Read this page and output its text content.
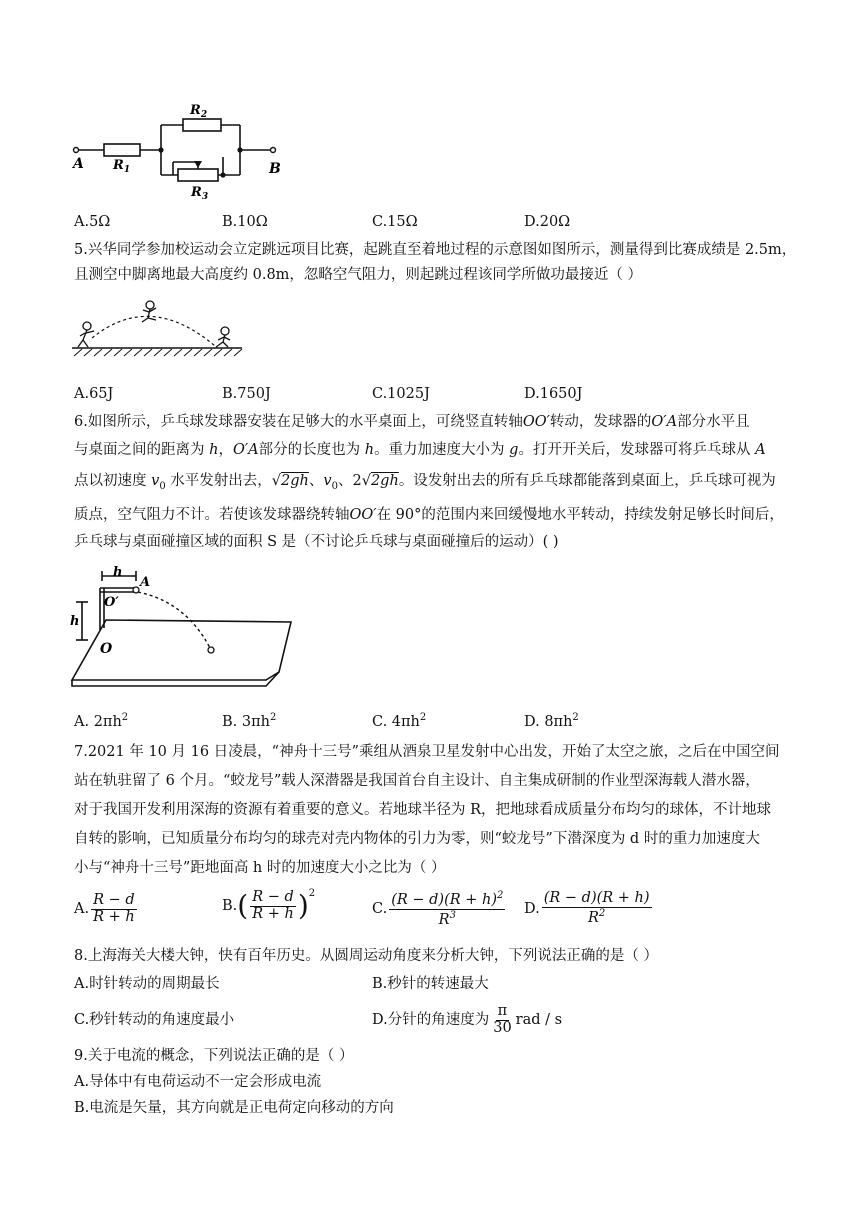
A	B
$R_1$
$R_2$
$R_3$
A.5Ω	B.10Ω	C.15Ω	D.20Ω
5.兴华同学参加校运动会立定跳远项目比赛，起跳直至着地过程的示意图如图所示，测量得到比赛成绩是 2.5m，
且测空中脚离地最大高度约 0.8m，忽略空气阻力，则起跳过程该同学所做功最接近（ ）
A.65J	B.750J	C.1025J	D.1650J
6.如图所示，乒乓球发球器安装在足够大的水平桌面上，可绕竖直转轴OO′转动，发球器的O′A部分水平且
与桌面之间的距离为 h，O′A部分的长度也为 h。重力加速度大小为 g。打开开关后，发球器可将乒乓球从 A
点以初速度 $v_0$ 水平发射出去，√2gh、$v_0$、2√2gh。设发射出去的所有乒乓球都能落到桌面上，乒乓球可视为
质点，空气阻力不计。若使该发球器绕转轴OO′在 90°的范围内来回缓慢地水平转动，持续发射足够长时间后，
乒乓球与桌面碰撞区域的面积 S 是（不讨论乒乓球与桌面碰撞后的运动）( )
h
h
O
O′
A
A. $2\pi h^2$	B. $3\pi h^2$	C. $4\pi h^2$	D. $8\pi h^2$
7.2021 年 10 月 16 日凌晨，“神舟十三号”乘组从酒泉卫星发射中心出发，开始了太空之旅，之后在中国空间
站在轨驻留了 6 个月。“蛟龙号”载人深潜器是我国首台自主设计、自主集成研制的作业型深海载人潜水器，
对于我国开发利用深海的资源有着重要的意义。若地球半径为 R，把地球看成质量分布均匀的球体，不计地球
自转的影响，已知质量分布均匀的球壳对壳内物体的引力为零，则“蛟龙号”下潜深度为 d 时的重力加速度大
小与“神舟十三号”距地面高 h 时的加速度大小之比为（ ）
A. $\frac{R - d}{R + h}$	B. ( $\frac{R - d}{R + h} )^2$
C. $\frac{(R - d)(R + h)^2}{R^3} D$. $\frac{(R - d)(R + h)}{R^2}$
8.上海海关大楼大钟，快有百年历史。从圆周运动角度来分析大钟，下列说法正确的是（ ）
A.时针转动的周期最长	B.秒针的转速最大
C.秒针转动的角速度最小	D.分针的角速度为 $\frac{\pi}{30}$ rad / s
9.关于电流的概念，下列说法正确的是（ ）
A.导体中有电荷运动不一定会形成电流
B.电流是矢量，其方向就是正电荷定向移动的方向
